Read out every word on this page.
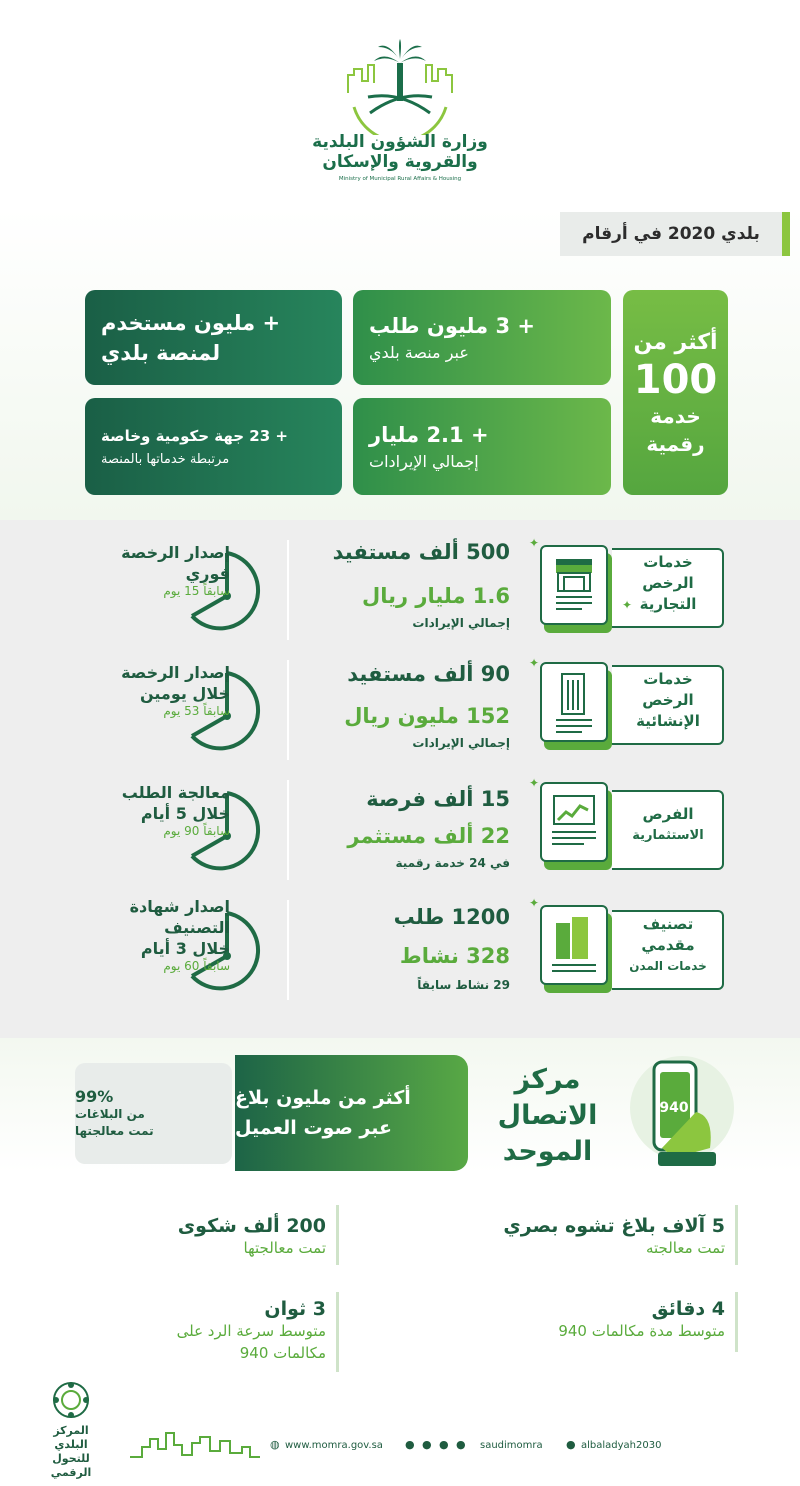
وزارة الشؤون البلدية
والقروية والإسكان
Ministry of Municipal Rural Affairs & Housing
بلدي 2020 في أرقام
أكثر من
100
خدمة
رقمية
+ 3 مليون طلب
عبر منصة بلدي
+ مليون مستخدم
لمنصة بلدي
+ 2.1 مليار
إجمالي الإيرادات
+ 23 جهة حكومية وخاصة
مرتبطة خدماتها بالمنصة
خدمات
الرخص
التجارية
500 ألف مستفيد
1.6 مليار ريال
إجمالي الإيرادات
خدمات
الرخص
الإنشائية
90 ألف مستفيد
152 مليون ريال
إجمالي الإيرادات
الفرص
الاستثمارية
15 ألف فرصة
22 ألف مستثمر
في 24 خدمة رقمية
تصنيف
مقدمي
خدمات المدن
1200 طلب
328 نشاط
29 نشاط سابقاً
إصدار الرخصة
فوري
سابقاً 15 يوم
إصدار الرخصة
خلال يومين
سابقاً 53 يوم
معالجة الطلب
خلال 5 أيام
سابقاً 90 يوم
إصدار شهادة
التصنيف
خلال 3 أيام
سابقاً 60 يوم
✦
✦
✦
✦
✦
940
مركز
الاتصال
الموحد
أكثر من مليون بلاغ
عبر صوت العميل
99%
من البلاغات
تمت معالجتها
5 آلاف بلاغ تشوه بصري
تمت معالجته
200 ألف شكوى
تمت معالجتها
4 دقائق
متوسط مدة مكالمات 940
3 ثوان
متوسط سرعة الرد على مكالمات 940
المركز البلدي
للتحول الرقمي
◍ www.momra.gov.sa ● ● ● ● saudimomra ● albaladyah2030
